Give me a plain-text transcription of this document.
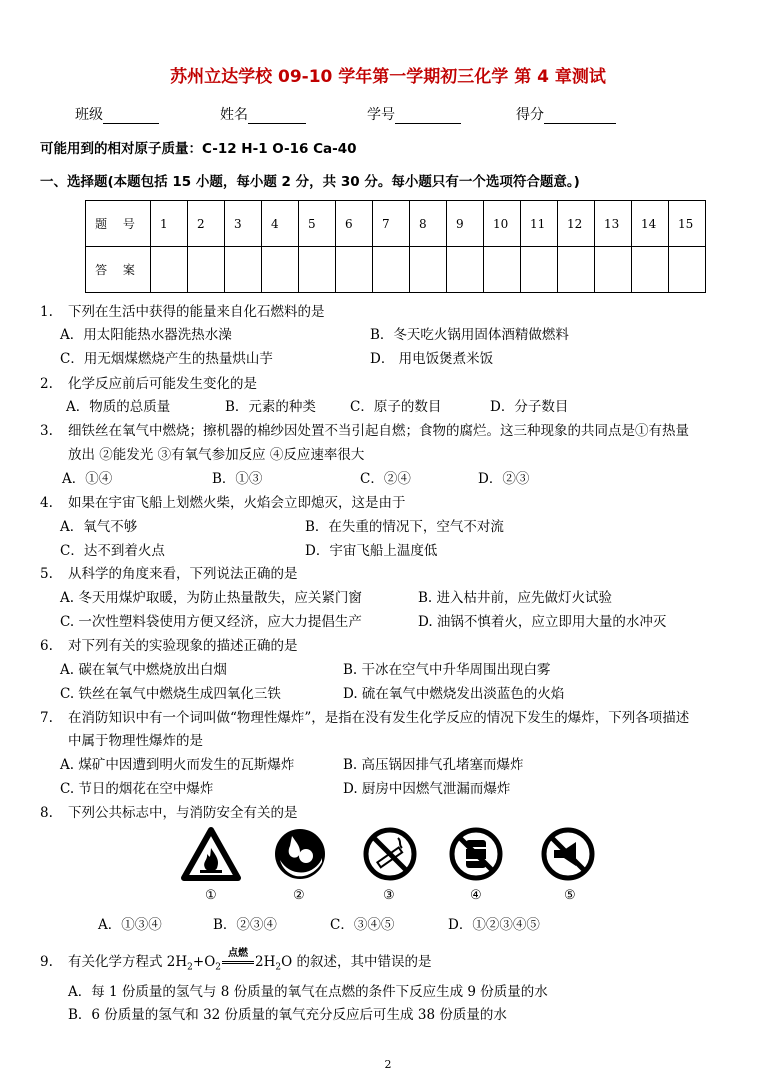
苏州立达学校 09-10 学年第一学期初三化学 第 4 章测试
班级	姓名	学号	得分
可能用到的相对原子质量：C-12 H-1 O-16 Ca-40
一、选择题(本题包括 15 小题，每小题 2 分，共 30 分。每小题只有一个选项符合题意。)
题 号	1	2	3	4	5	6	7	8	9	10	11	12	13	14	15
答 案															
1. 下列在生活中获得的能量来自化石燃料的是
A．用太阳能热水器洗热水澡	B．冬天吃火锅用固体酒精做燃料
C．用无烟煤燃烧产生的热量烘山芋	D． 用电饭煲煮米饭
2. 化学反应前后可能发生变化的是
A．物质的总质量	B．元素的种类	C．原子的数目	D．分子数目
3. 细铁丝在氧气中燃烧；擦机器的棉纱因处置不当引起自燃；食物的腐烂。这三种现象的共同点是①有热量
放出 ②能发光 ③有氧气参加反应 ④反应速率很大
A．①④	B．①③	C．②④	D．②③
4. 如果在宇宙飞船上划燃火柴，火焰会立即熄灭，这是由于
A．氧气不够	B．在失重的情况下，空气不对流
C．达不到着火点	D．宇宙飞船上温度低
5. 从科学的角度来看，下列说法正确的是
A. 冬天用煤炉取暖，为防止热量散失，应关紧门窗	B. 进入枯井前，应先做灯火试验
C. 一次性塑料袋使用方便又经济，应大力提倡生产	D. 油锅不慎着火，应立即用大量的水冲灭
6. 对下列有关的实验现象的描述正确的是
A. 碳在氧气中燃烧放出白烟	B. 干冰在空气中升华周围出现白雾
C. 铁丝在氧气中燃烧生成四氧化三铁	D. 硫在氧气中燃烧发出淡蓝色的火焰
7. 在消防知识中有一个词叫做“物理性爆炸”，是指在没有发生化学反应的情况下发生的爆炸，下列各项描述
中属于物理性爆炸的是
A. 煤矿中因遭到明火而发生的瓦斯爆炸	B. 高压锅因排气孔堵塞而爆炸
C. 节日的烟花在空中爆炸	D. 厨房中因燃气泄漏而爆炸
8. 下列公共标志中，与消防安全有关的是
①	②	③	④	⑤
A．①③④	B．②③④	C．③④⑤	D．①②③④⑤
9. 有关化学方程式 $2H_2+O_2$
点燃
$2H_2O$ 的叙述，其中错误的是
A．每 1 份质量的氢气与 8 份质量的氧气在点燃的条件下反应生成 9 份质量的水
B．6 份质量的氢气和 32 份质量的氧气充分反应后可生成 38 份质量的水
2
